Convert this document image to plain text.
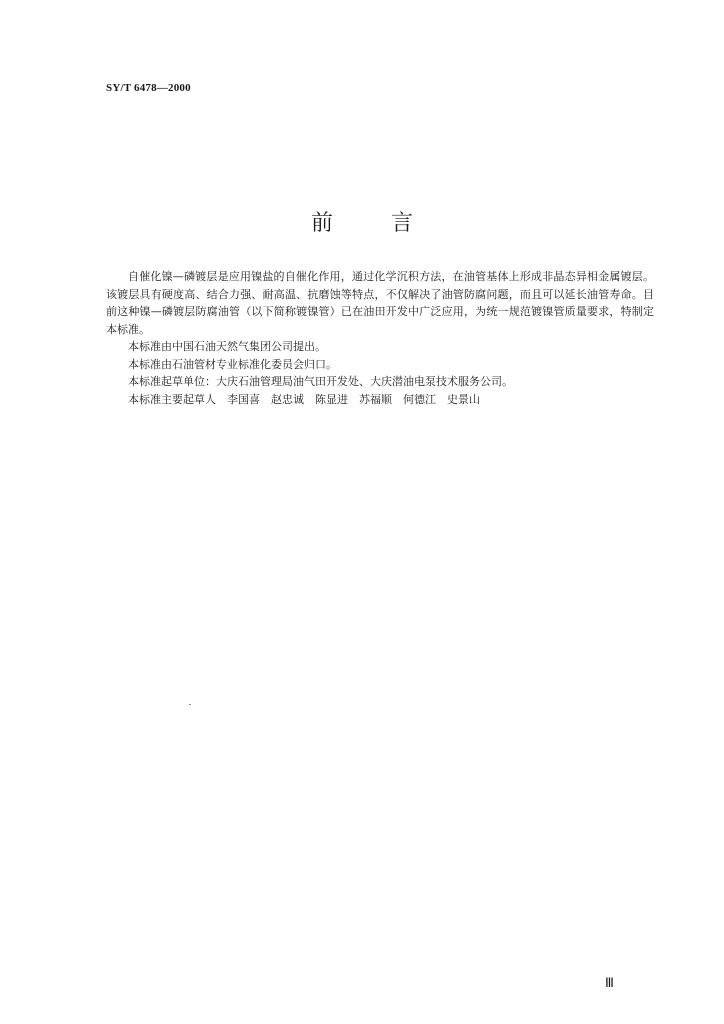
SY/T 6478—2000
前	言

自催化镍—磷镀层是应用镍盐的自催化作用，通过化学沉积方法，在油管基体上形成非晶态异相金属镀层。该镀层具有硬度高、结合力强、耐高温、抗磨蚀等特点，不仅解决了油管防腐问题，而且可以延长油管寿命。目前这种镍—磷镀层防腐油管（以下简称镀镍管）已在油田开发中广泛应用，为统一规范镀镍管质量要求，特制定本标准。

本标准由中国石油天然气集团公司提出。

本标准由石油管材专业标准化委员会归口。

本标准起草单位：大庆石油管理局油气田开发处、大庆潜油电泵技术服务公司。

本标准主要起草人　李国喜　赵忠诚　陈显进　苏福顺　何德江　史景山

Ⅲ
